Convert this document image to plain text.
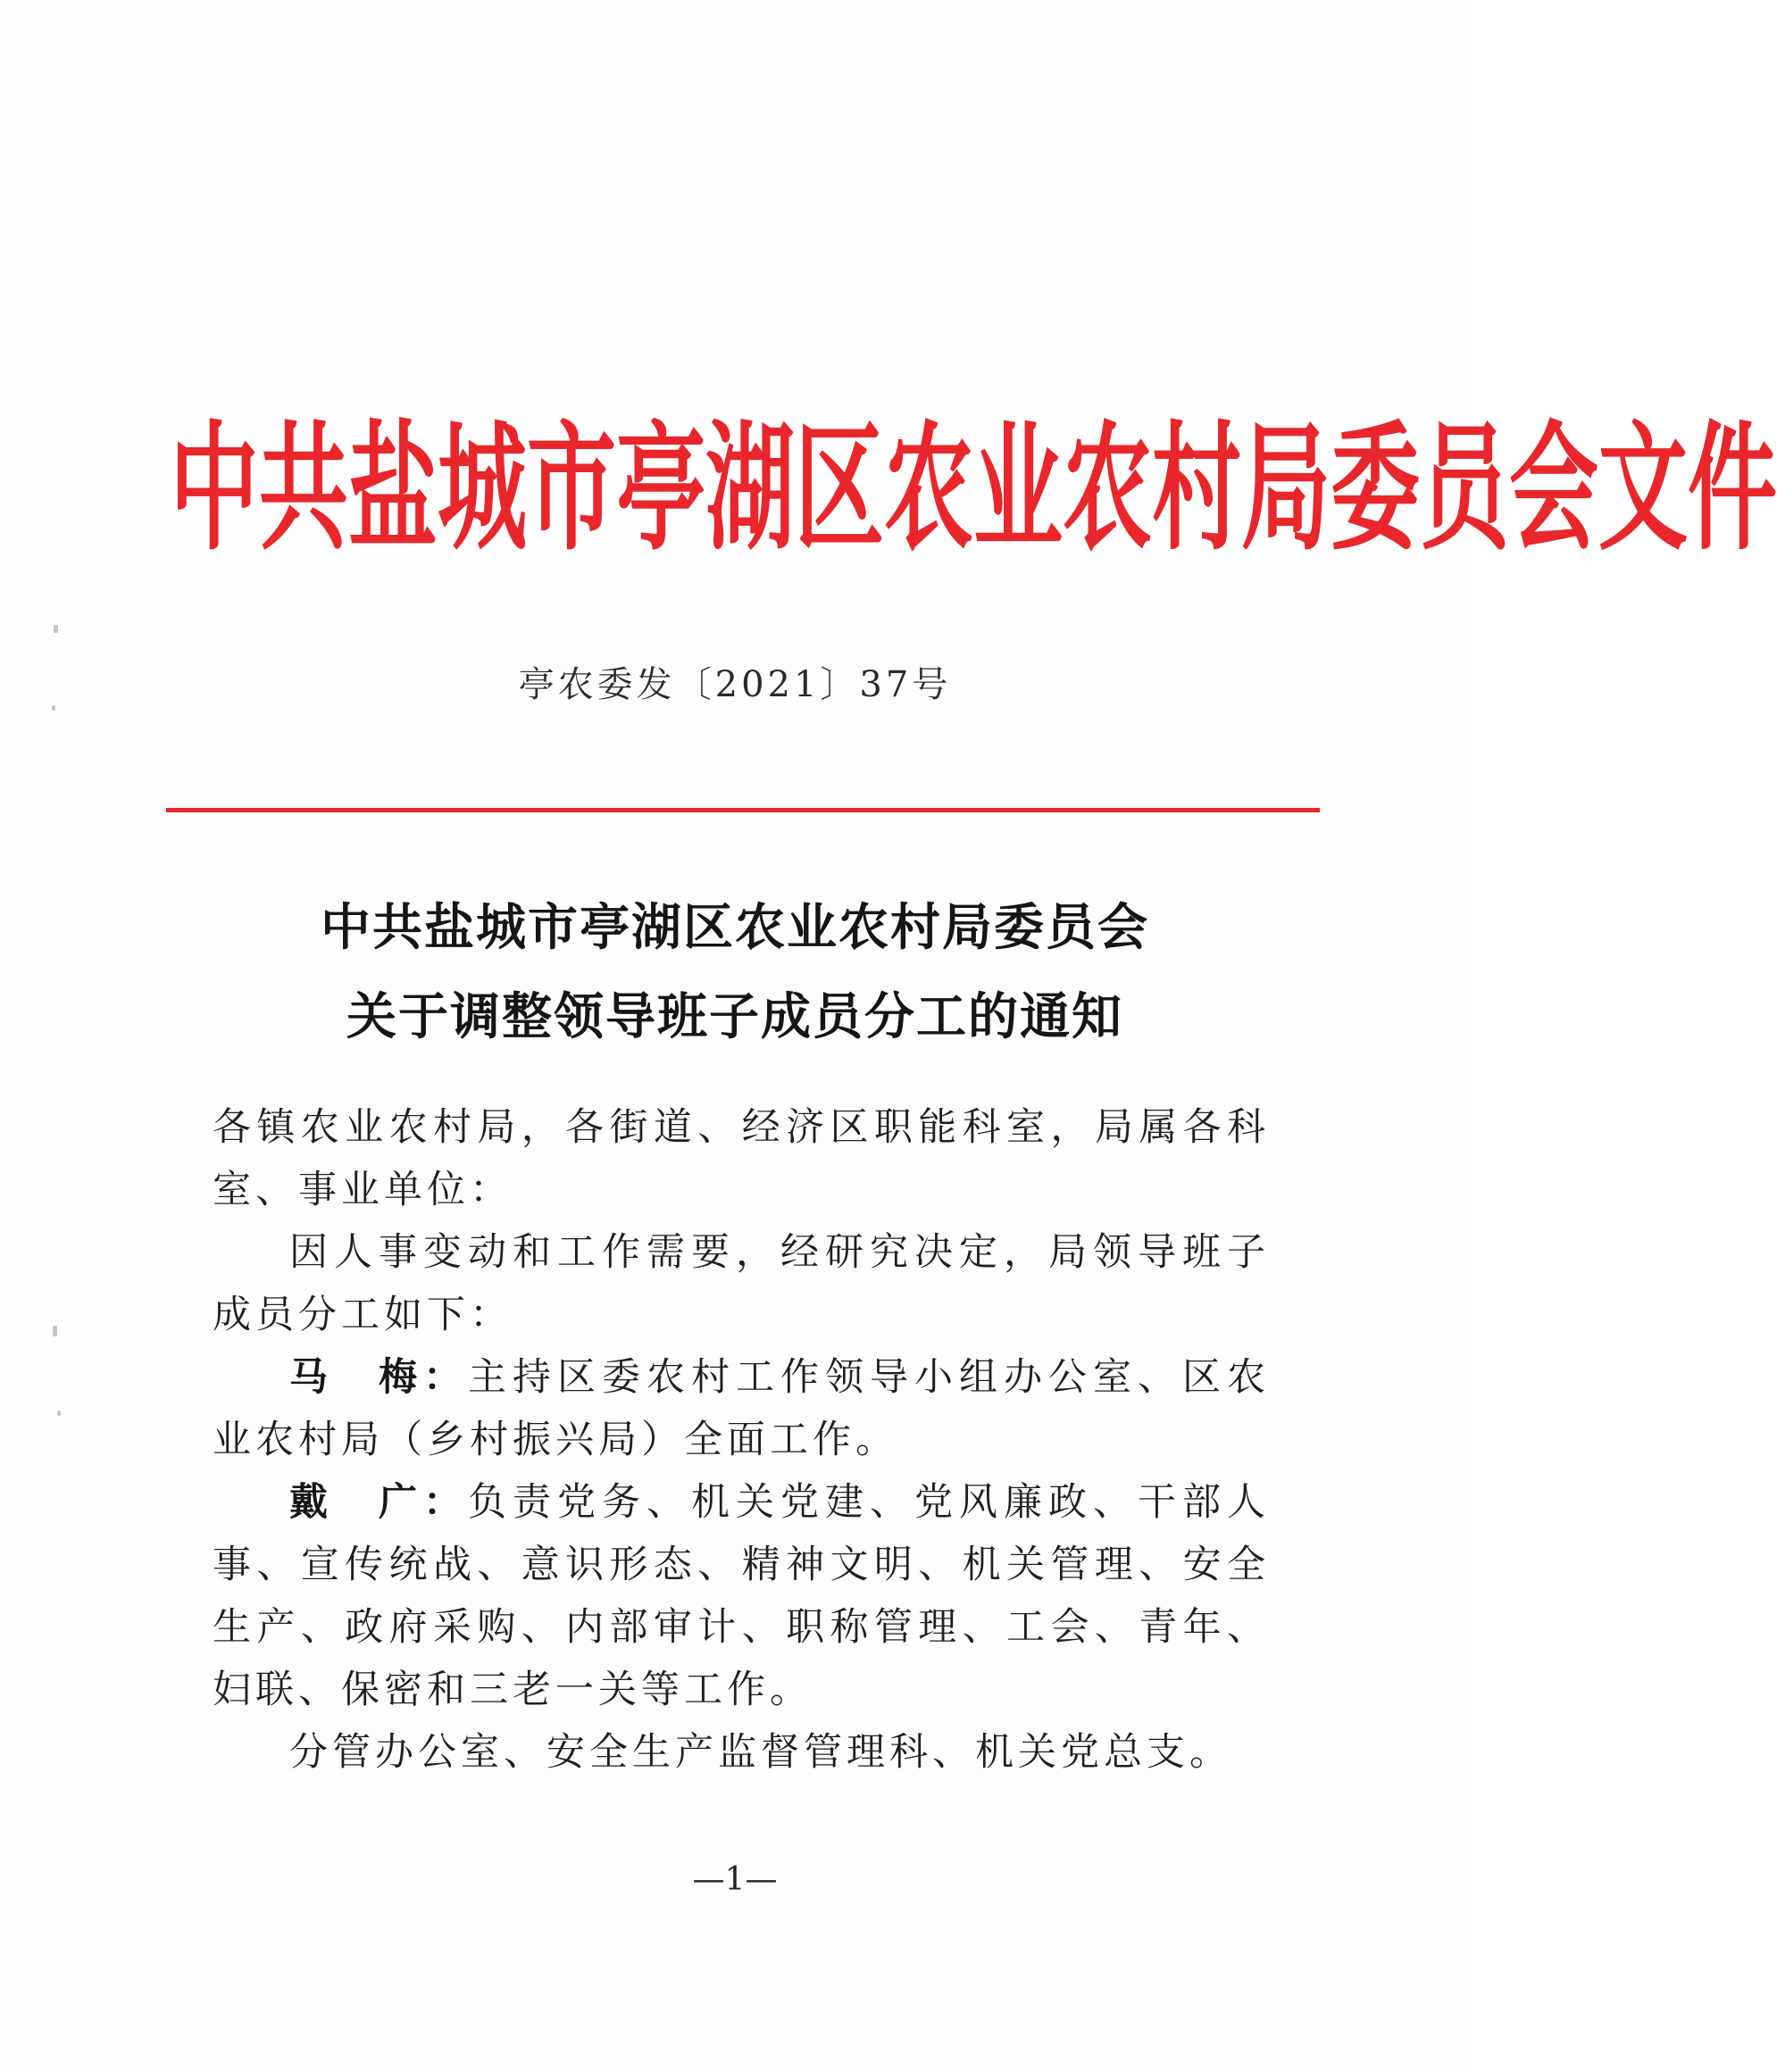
中共盐城市亭湖区农业农村局委员会文件
亭农委发〔2021〕37号
中共盐城市亭湖区农业农村局委员会
关于调整领导班子成员分工的通知

各镇农业农村局，各街道、经济区职能科室，局属各科室、事业单位：

因人事变动和工作需要，经研究决定，局领导班子成员分工如下：

马　梅：主持区委农村工作领导小组办公室、区农业农村局（乡村振兴局）全面工作。

戴　广：负责党务、机关党建、党风廉政、干部人事、宣传统战、意识形态、精神文明、机关管理、安全生产、政府采购、内部审计、职称管理、工会、青年、妇联、保密和三老一关等工作。

分管办公室、安全生产监督管理科、机关党总支。

—1—
